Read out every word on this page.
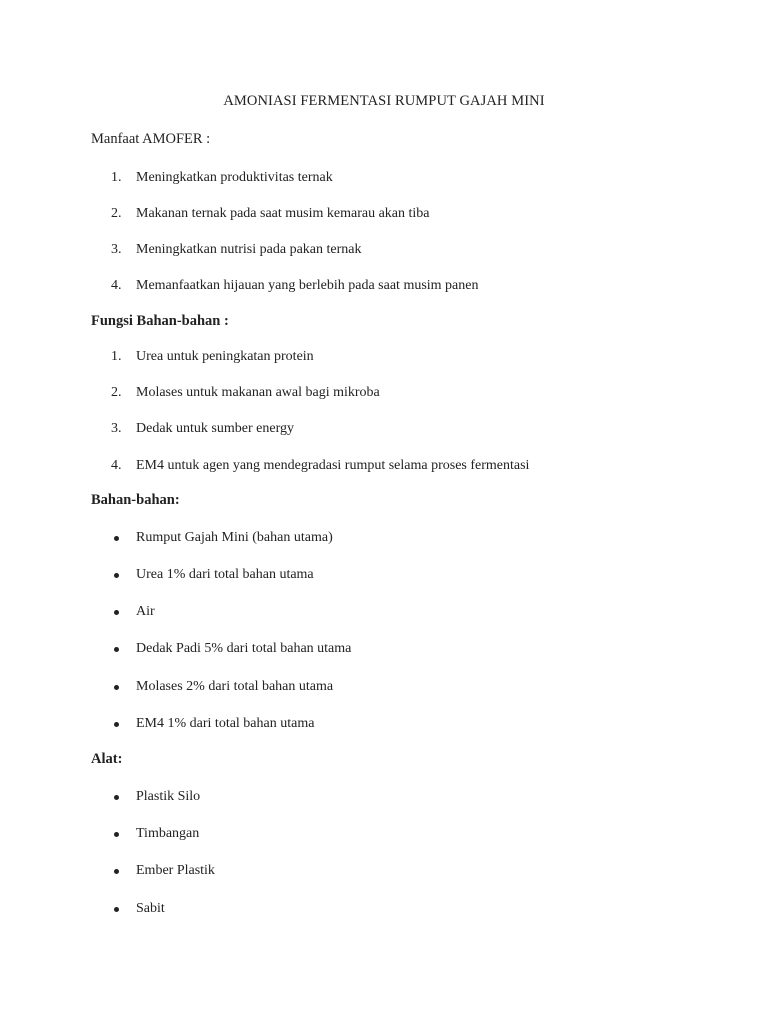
AMONIASI FERMENTASI RUMPUT GAJAH MINI
Manfaat AMOFER :
1. Meningkatkan produktivitas ternak
2. Makanan ternak pada saat musim kemarau akan tiba
3. Meningkatkan nutrisi pada pakan ternak
4. Memanfaatkan hijauan yang berlebih pada saat musim panen
Fungsi Bahan-bahan :
1. Urea untuk peningkatan protein
2. Molases untuk makanan awal bagi mikroba
3. Dedak untuk sumber energy
4. EM4 untuk agen yang mendegradasi rumput selama proses fermentasi
Bahan-bahan:
Rumput Gajah Mini (bahan utama)
Urea 1% dari total bahan utama
Air
Dedak Padi 5% dari total bahan utama
Molases 2% dari total bahan utama
EM4 1% dari total bahan utama
Alat:
Plastik Silo
Timbangan
Ember Plastik
Sabit
